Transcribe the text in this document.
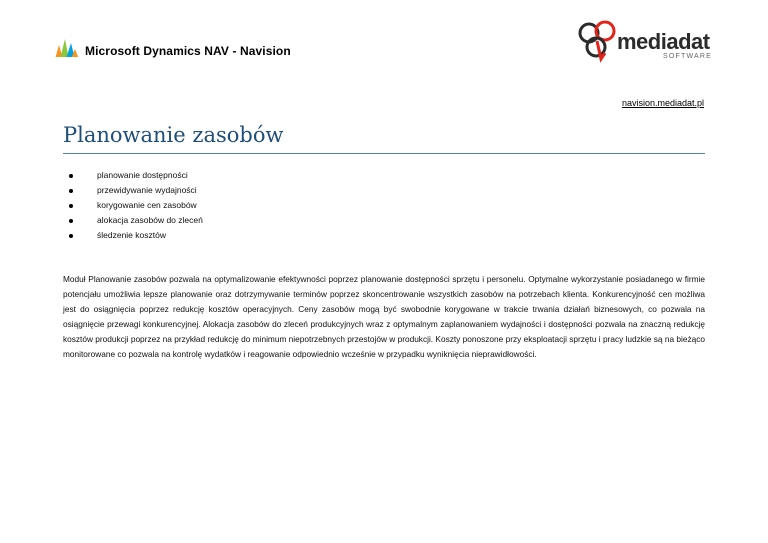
Microsoft Dynamics NAV - Navision	mediadat
SOFTWARE
navision.mediadat.pl
Planowanie zasobów
planowanie dostępności
przewidywanie wydajności
korygowanie cen zasobów
alokacja zasobów do zleceń
śledzenie kosztów

Moduł Planowanie zasobów pozwala na optymalizowanie efektywności poprzez planowanie dostępności sprzętu i personelu. Optymalne wykorzystanie posiadanego w firmie potencjału umożliwia lepsze planowanie oraz dotrzymywanie terminów poprzez skoncentrowanie wszystkich zasobów na potrzebach klienta. Konkurencyjność cen możliwa jest do osiągnięcia poprzez redukcję kosztów operacyjnych. Ceny zasobów mogą być swobodnie korygowane w trakcie trwania działań biznesowych, co pozwala na osiągnięcie przewagi konkurencyjnej. Alokacja zasobów do zleceń produkcyjnych wraz z optymalnym zaplanowaniem wydajności i dostępności pozwala na znaczną redukcję kosztów produkcji poprzez na przykład redukcję do minimum niepotrzebnych przestojów w produkcji. Koszty ponoszone przy eksploatacji sprzętu i pracy ludzkie są na bieżąco monitorowane co pozwala na kontrolę wydatków i reagowanie odpowiednio wcześnie w przypadku wyniknięcia nieprawidłowości.
